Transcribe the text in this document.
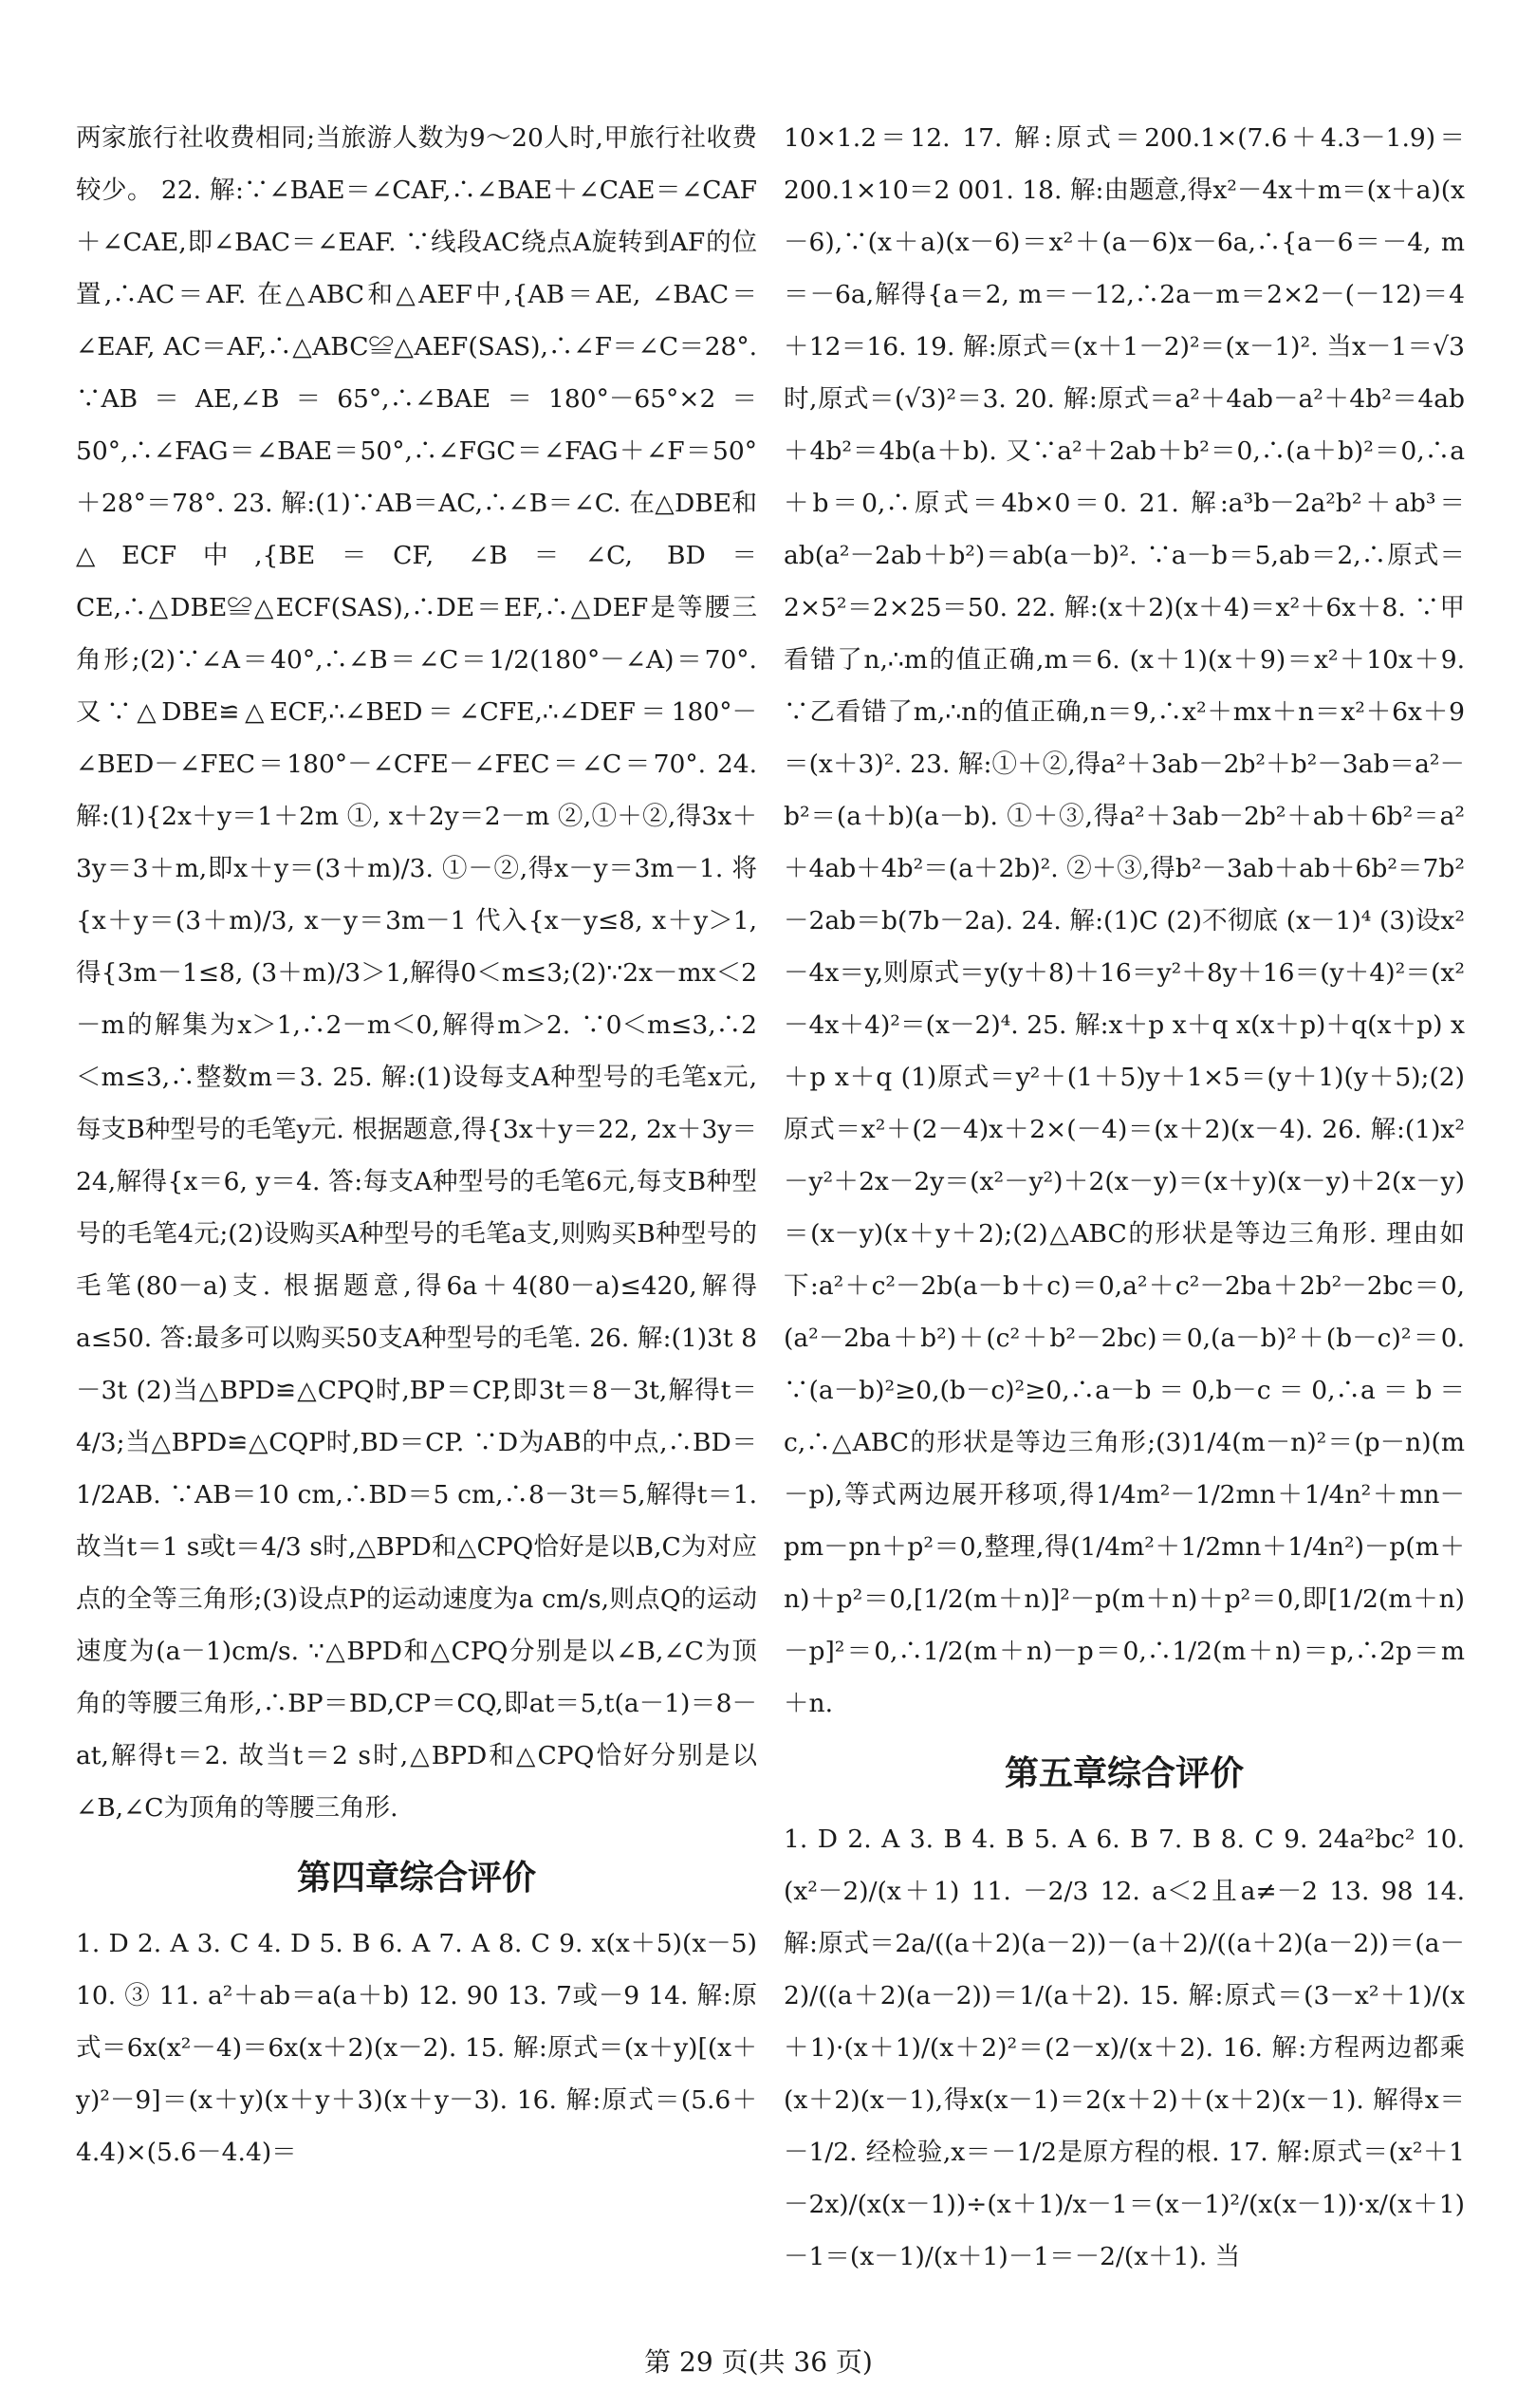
两家旅行社收费相同;当旅游人数为9～20人时,甲旅行社收费较少。 22. 解:∵∠BAE＝∠CAF,∴∠BAE＋∠CAE＝∠CAF＋∠CAE,即∠BAC＝∠EAF. ∵线段AC绕点A旋转到AF的位置,∴AC＝AF. 在△ABC和△AEF中,{AB＝AE, ∠BAC＝∠EAF, AC＝AF,∴△ABC≌△AEF(SAS),∴∠F＝∠C＝28°. ∵AB＝AE,∠B＝65°,∴∠BAE＝180°－65°×2＝50°,∴∠FAG＝∠BAE＝50°,∴∠FGC＝∠FAG＋∠F＝50°＋28°＝78°. 23. 解:(1)∵AB＝AC,∴∠B＝∠C. 在△DBE和△ECF中,{BE＝CF, ∠B＝∠C, BD＝CE,∴△DBE≌△ECF(SAS),∴DE＝EF,∴△DEF是等腰三角形;(2)∵∠A＝40°,∴∠B＝∠C＝1/2(180°－∠A)＝70°. 又∵△DBE≌△ECF,∴∠BED＝∠CFE,∴∠DEF＝180°－∠BED－∠FEC＝180°－∠CFE－∠FEC＝∠C＝70°. 24. 解:(1){2x＋y＝1＋2m ①, x＋2y＝2－m ②,①＋②,得3x＋3y＝3＋m,即x＋y＝(3＋m)/3. ①－②,得x－y＝3m－1. 将{x＋y＝(3＋m)/3, x－y＝3m－1 代入{x－y≤8, x＋y＞1,得{3m－1≤8, (3＋m)/3＞1,解得0＜m≤3;(2)∵2x－mx＜2－m的解集为x＞1,∴2－m＜0,解得m＞2. ∵0＜m≤3,∴2＜m≤3,∴整数m＝3. 25. 解:(1)设每支A种型号的毛笔x元,每支B种型号的毛笔y元. 根据题意,得{3x＋y＝22, 2x＋3y＝24,解得{x＝6, y＝4. 答:每支A种型号的毛笔6元,每支B种型号的毛笔4元;(2)设购买A种型号的毛笔a支,则购买B种型号的毛笔(80－a)支. 根据题意,得6a＋4(80－a)≤420,解得a≤50. 答:最多可以购买50支A种型号的毛笔. 26. 解:(1)3t 8－3t (2)当△BPD≌△CPQ时,BP＝CP,即3t＝8－3t,解得t＝4/3;当△BPD≌△CQP时,BD＝CP. ∵D为AB的中点,∴BD＝1/2AB. ∵AB＝10 cm,∴BD＝5 cm,∴8－3t＝5,解得t＝1. 故当t＝1 s或t＝4/3 s时,△BPD和△CPQ恰好是以B,C为对应点的全等三角形;(3)设点P的运动速度为a cm/s,则点Q的运动速度为(a－1)cm/s. ∵△BPD和△CPQ分别是以∠B,∠C为顶角的等腰三角形,∴BP＝BD,CP＝CQ,即at＝5,t(a－1)＝8－at,解得t＝2. 故当t＝2 s时,△BPD和△CPQ恰好分别是以∠B,∠C为顶角的等腰三角形.

第四章综合评价

1. D 2. A 3. C 4. D 5. B 6. A 7. A 8. C 9. x(x＋5)(x－5) 10. ③ 11. a²＋ab＝a(a＋b) 12. 90 13. 7或－9 14. 解:原式＝6x(x²－4)＝6x(x＋2)(x－2). 15. 解:原式＝(x＋y)[(x＋y)²－9]＝(x＋y)(x＋y＋3)(x＋y－3). 16. 解:原式＝(5.6＋4.4)×(5.6－4.4)＝

10×1.2＝12. 17. 解:原式＝200.1×(7.6＋4.3－1.9)＝200.1×10＝2 001. 18. 解:由题意,得x²－4x＋m＝(x＋a)(x－6),∵(x＋a)(x－6)＝x²＋(a－6)x－6a,∴{a－6＝－4, m＝－6a,解得{a＝2, m＝－12,∴2a－m＝2×2－(－12)＝4＋12＝16. 19. 解:原式＝(x＋1－2)²＝(x－1)². 当x－1＝√3时,原式＝(√3)²＝3. 20. 解:原式＝a²＋4ab－a²＋4b²＝4ab＋4b²＝4b(a＋b). 又∵a²＋2ab＋b²＝0,∴(a＋b)²＝0,∴a＋b＝0,∴原式＝4b×0＝0. 21. 解:a³b－2a²b²＋ab³＝ab(a²－2ab＋b²)＝ab(a－b)². ∵a－b＝5,ab＝2,∴原式＝2×5²＝2×25＝50. 22. 解:(x＋2)(x＋4)＝x²＋6x＋8. ∵甲看错了n,∴m的值正确,m＝6. (x＋1)(x＋9)＝x²＋10x＋9. ∵乙看错了m,∴n的值正确,n＝9,∴x²＋mx＋n＝x²＋6x＋9＝(x＋3)². 23. 解:①＋②,得a²＋3ab－2b²＋b²－3ab＝a²－b²＝(a＋b)(a－b). ①＋③,得a²＋3ab－2b²＋ab＋6b²＝a²＋4ab＋4b²＝(a＋2b)². ②＋③,得b²－3ab＋ab＋6b²＝7b²－2ab＝b(7b－2a). 24. 解:(1)C (2)不彻底 (x－1)⁴ (3)设x²－4x＝y,则原式＝y(y＋8)＋16＝y²＋8y＋16＝(y＋4)²＝(x²－4x＋4)²＝(x－2)⁴. 25. 解:x＋p x＋q x(x＋p)＋q(x＋p) x＋p x＋q (1)原式＝y²＋(1＋5)y＋1×5＝(y＋1)(y＋5);(2)原式＝x²＋(2－4)x＋2×(－4)＝(x＋2)(x－4). 26. 解:(1)x²－y²＋2x－2y＝(x²－y²)＋2(x－y)＝(x＋y)(x－y)＋2(x－y)＝(x－y)(x＋y＋2);(2)△ABC的形状是等边三角形. 理由如下:a²＋c²－2b(a－b＋c)＝0,a²＋c²－2ba＋2b²－2bc＝0,(a²－2ba＋b²)＋(c²＋b²－2bc)＝0,(a－b)²＋(b－c)²＝0. ∵(a－b)²≥0,(b－c)²≥0,∴a－b＝0,b－c＝0,∴a＝b＝c,∴△ABC的形状是等边三角形;(3)1/4(m－n)²＝(p－n)(m－p),等式两边展开移项,得1/4m²－1/2mn＋1/4n²＋mn－pm－pn＋p²＝0,整理,得(1/4m²＋1/2mn＋1/4n²)－p(m＋n)＋p²＝0,[1/2(m＋n)]²－p(m＋n)＋p²＝0,即[1/2(m＋n)－p]²＝0,∴1/2(m＋n)－p＝0,∴1/2(m＋n)＝p,∴2p＝m＋n.

第五章综合评价

1. D 2. A 3. B 4. B 5. A 6. B 7. B 8. C 9. 24a²bc² 10. (x²－2)/(x＋1) 11. －2/3 12. a＜2且a≠－2 13. 98 14. 解:原式＝2a/((a＋2)(a－2))－(a＋2)/((a＋2)(a－2))＝(a－2)/((a＋2)(a－2))＝1/(a＋2). 15. 解:原式＝(3－x²＋1)/(x＋1)·(x＋1)/(x＋2)²＝(2－x)/(x＋2). 16. 解:方程两边都乘(x＋2)(x－1),得x(x－1)＝2(x＋2)＋(x＋2)(x－1). 解得x＝－1/2. 经检验,x＝－1/2是原方程的根. 17. 解:原式＝(x²＋1－2x)/(x(x－1))÷(x＋1)/x－1＝(x－1)²/(x(x－1))·x/(x＋1)－1＝(x－1)/(x＋1)－1＝－2/(x＋1). 当

第 29 页(共 36 页)
